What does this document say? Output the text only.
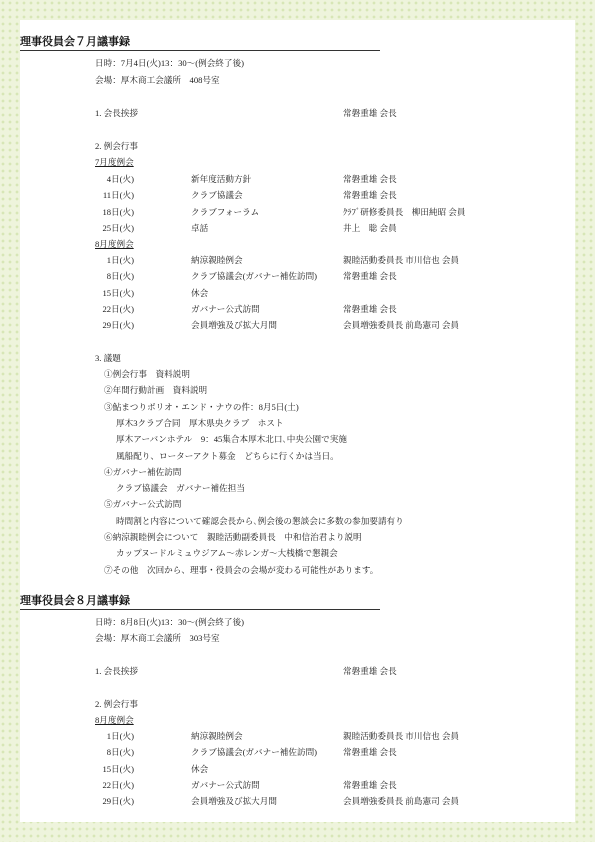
理事役員会７月議事録
日時：7月4日(火)13：30～(例会終了後)
会場：厚木商工会議所　408号室
1. 会長挨拶	常磐重雄 会長
2. 例会行事
7月度例会
4日(火)	新年度活動方針	常磐重雄 会長
11日(火)	クラブ協議会	常磐重雄 会長
18日(火)	クラブフォーラム	ｸﾗﾌﾞ研修委員長　柳田純昭 会員
25日(火)	卓話	井上　聡 会員
8月度例会
1日(火)	納涼親睦例会	親睦活動委員長 市川信也 会員
8日(火)	クラブ協議会(ガバナー補佐訪問)	常磐重雄 会長
15日(火)	休会
22日(火)	ガバナー公式訪問	常磐重雄 会長
29日(火)	会員増強及び拡大月間	会員増強委員長 前島憲司 会員
3. 議題
①例会行事　資料説明
②年間行動計画　資料説明
③鮎まつりボリオ・エンド・ナウの件：8月5日(土)
厚木3クラブ合同　厚木県央クラブ　ホスト
厚木アーバンホテル　9：45集合本厚木北口､中央公園で実施
風船配り、ローターアクト募金　どちらに行くかは当日。
④ガバナー補佐訪問
クラブ協議会　ガバナー補佐担当
⑤ガバナー公式訪問
時間割と内容について確認会長から､例会後の懇談会に多数の参加要請有り
⑥納涼親睦例会について　親睦活動副委員長　中和信治君より説明
カップヌードルミュウジアム～赤レンガ～大桟橋で懇親会
⑦その他　次回から、理事・役員会の会場が変わる可能性があります。
理事役員会８月議事録
日時：8月8日(火)13：30～(例会終了後)
会場：厚木商工会議所　303号室
1. 会長挨拶	常磐重雄 会長
2. 例会行事
8月度例会
1日(火)	納涼親睦例会	親睦活動委員長 市川信也 会員
8日(火)	クラブ協議会(ガバナー補佐訪問)	常磐重雄 会長
15日(火)	休会
22日(火)	ガバナー公式訪問	常磐重雄 会長
29日(火)	会員増強及び拡大月間	会員増強委員長 前島憲司 会員
